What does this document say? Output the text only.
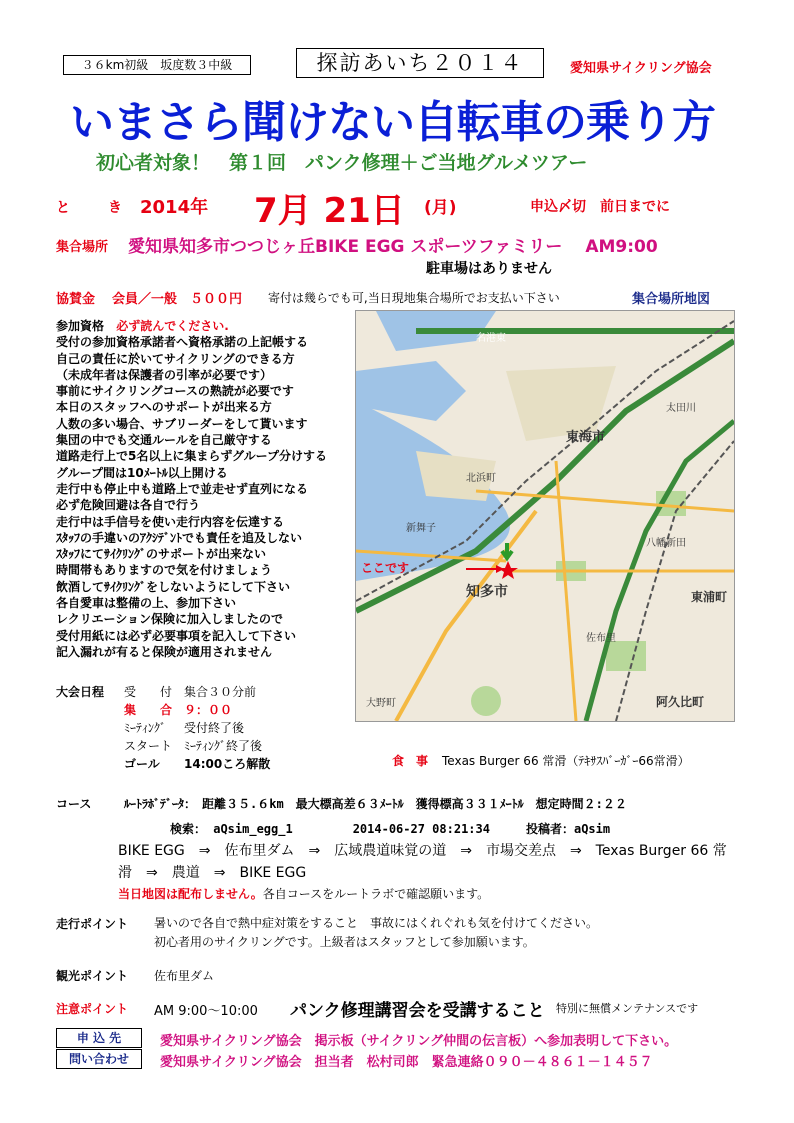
３６km初級　坂度数３中級	探訪あいち２０１４	愛知県サイクリング協会
いまさら聞けない自転車の乗り方
初心者対象！　第１回　パンク修理＋ご当地グルメツアー
と　き 2014年 7月 21日 (月)	申込〆切　前日までに
集合場所 愛知県知多市つつじヶ丘BIKE EGG スポーツファミリー　 AM9:00
駐車場はありません
協賛金 会員／一般　５００円 寄付は幾らでも可,当日現地集合場所でお支払い下さい	集合場所地図
参加資格 必ず読んでください.
受付の参加資格承諾者へ資格承諾の上記帳する
自己の責任に於いてサイクリングのできる方
（未成年者は保護者の引率が必要です）
事前にサイクリングコースの熟読が必要です
本日のスタッフへのサポートが出来る方
人数の多い場合、サブリーダーをして貰います
集団の中でも交通ルールを自己厳守する
道路走行上で5名以上に集まらずグループ分けする
グループ間は10ﾒｰﾄﾙ以上開ける
走行中も停止中も道路上で並走せず直列になる
必ず危険回避は各自で行う
走行中は手信号を使い走行内容を伝達する
ｽﾀｯﾌの手違いのｱｸｼﾃﾞﾝﾄでも責任を追及しない
ｽﾀｯﾌにてｻｲｸﾘﾝｸﾞのサポートが出来ない
時間帯もありますので気を付けましょう
飲酒してｻｲｸﾘﾝｸﾞをしないようにして下さい
各自愛車は整備の上、参加下さい
レクリエーション保険に加入しましたので
受付用紙には必ず必要事項を記入して下さい
記入漏れが有ると保険が適用されません
東海市
知多市	東浦町
阿久比町
佐布里
大野町
新舞子
北浜町
太田川
八幡新田
名港東
ここです
大会日程 受　　付 集合３０分前
集　　合 ９：００
ﾐｰﾃｨﾝｸﾞ 受付終了後
スタート ﾐｰﾃｨﾝｸﾞ終了後
ゴール 14:00ころ解散	食　事 Texas Burger 66 常滑（ﾃｷｻｽﾊﾞｰｶﾞｰ66常滑）
コース	ﾙｰﾄﾗﾎﾞﾃﾞｰﾀ：　距離３５.６km　最大標高差６３ﾒｰﾄﾙ　獲得標高３３１ﾒｰﾄﾙ　想定時間２:２２
検索： aQsim_egg_1　　　　　2014-06-27 08:21:34　　　投稿者：aQsim
BIKE EGG　⇒　佐布里ダム　⇒　広域農道味覚の道　⇒　市場交差点　⇒　Texas Burger 66 常滑　⇒　農道　⇒　BIKE EGG
当日地図は配布しません。各自コースをルートラボで確認願います。
走行ポイント 暑いので各自で熱中症対策をすること　事故にはくれぐれも気を付けてください。
初心者用のサイクリングです。上級者はスタッフとして参加願います。
観光ポイント 佐布里ダム
注意ポイント AM 9:00～10:00 パンク修理講習会を受講すること 特別に無償メンテナンスです
申 込 先	愛知県サイクリング協会　掲示板（サイクリング仲間の伝言板）へ参加表明して下さい。
問い合わせ	愛知県サイクリング協会　担当者　松村司郎　緊急連絡０９０－４８６１－１４５７
